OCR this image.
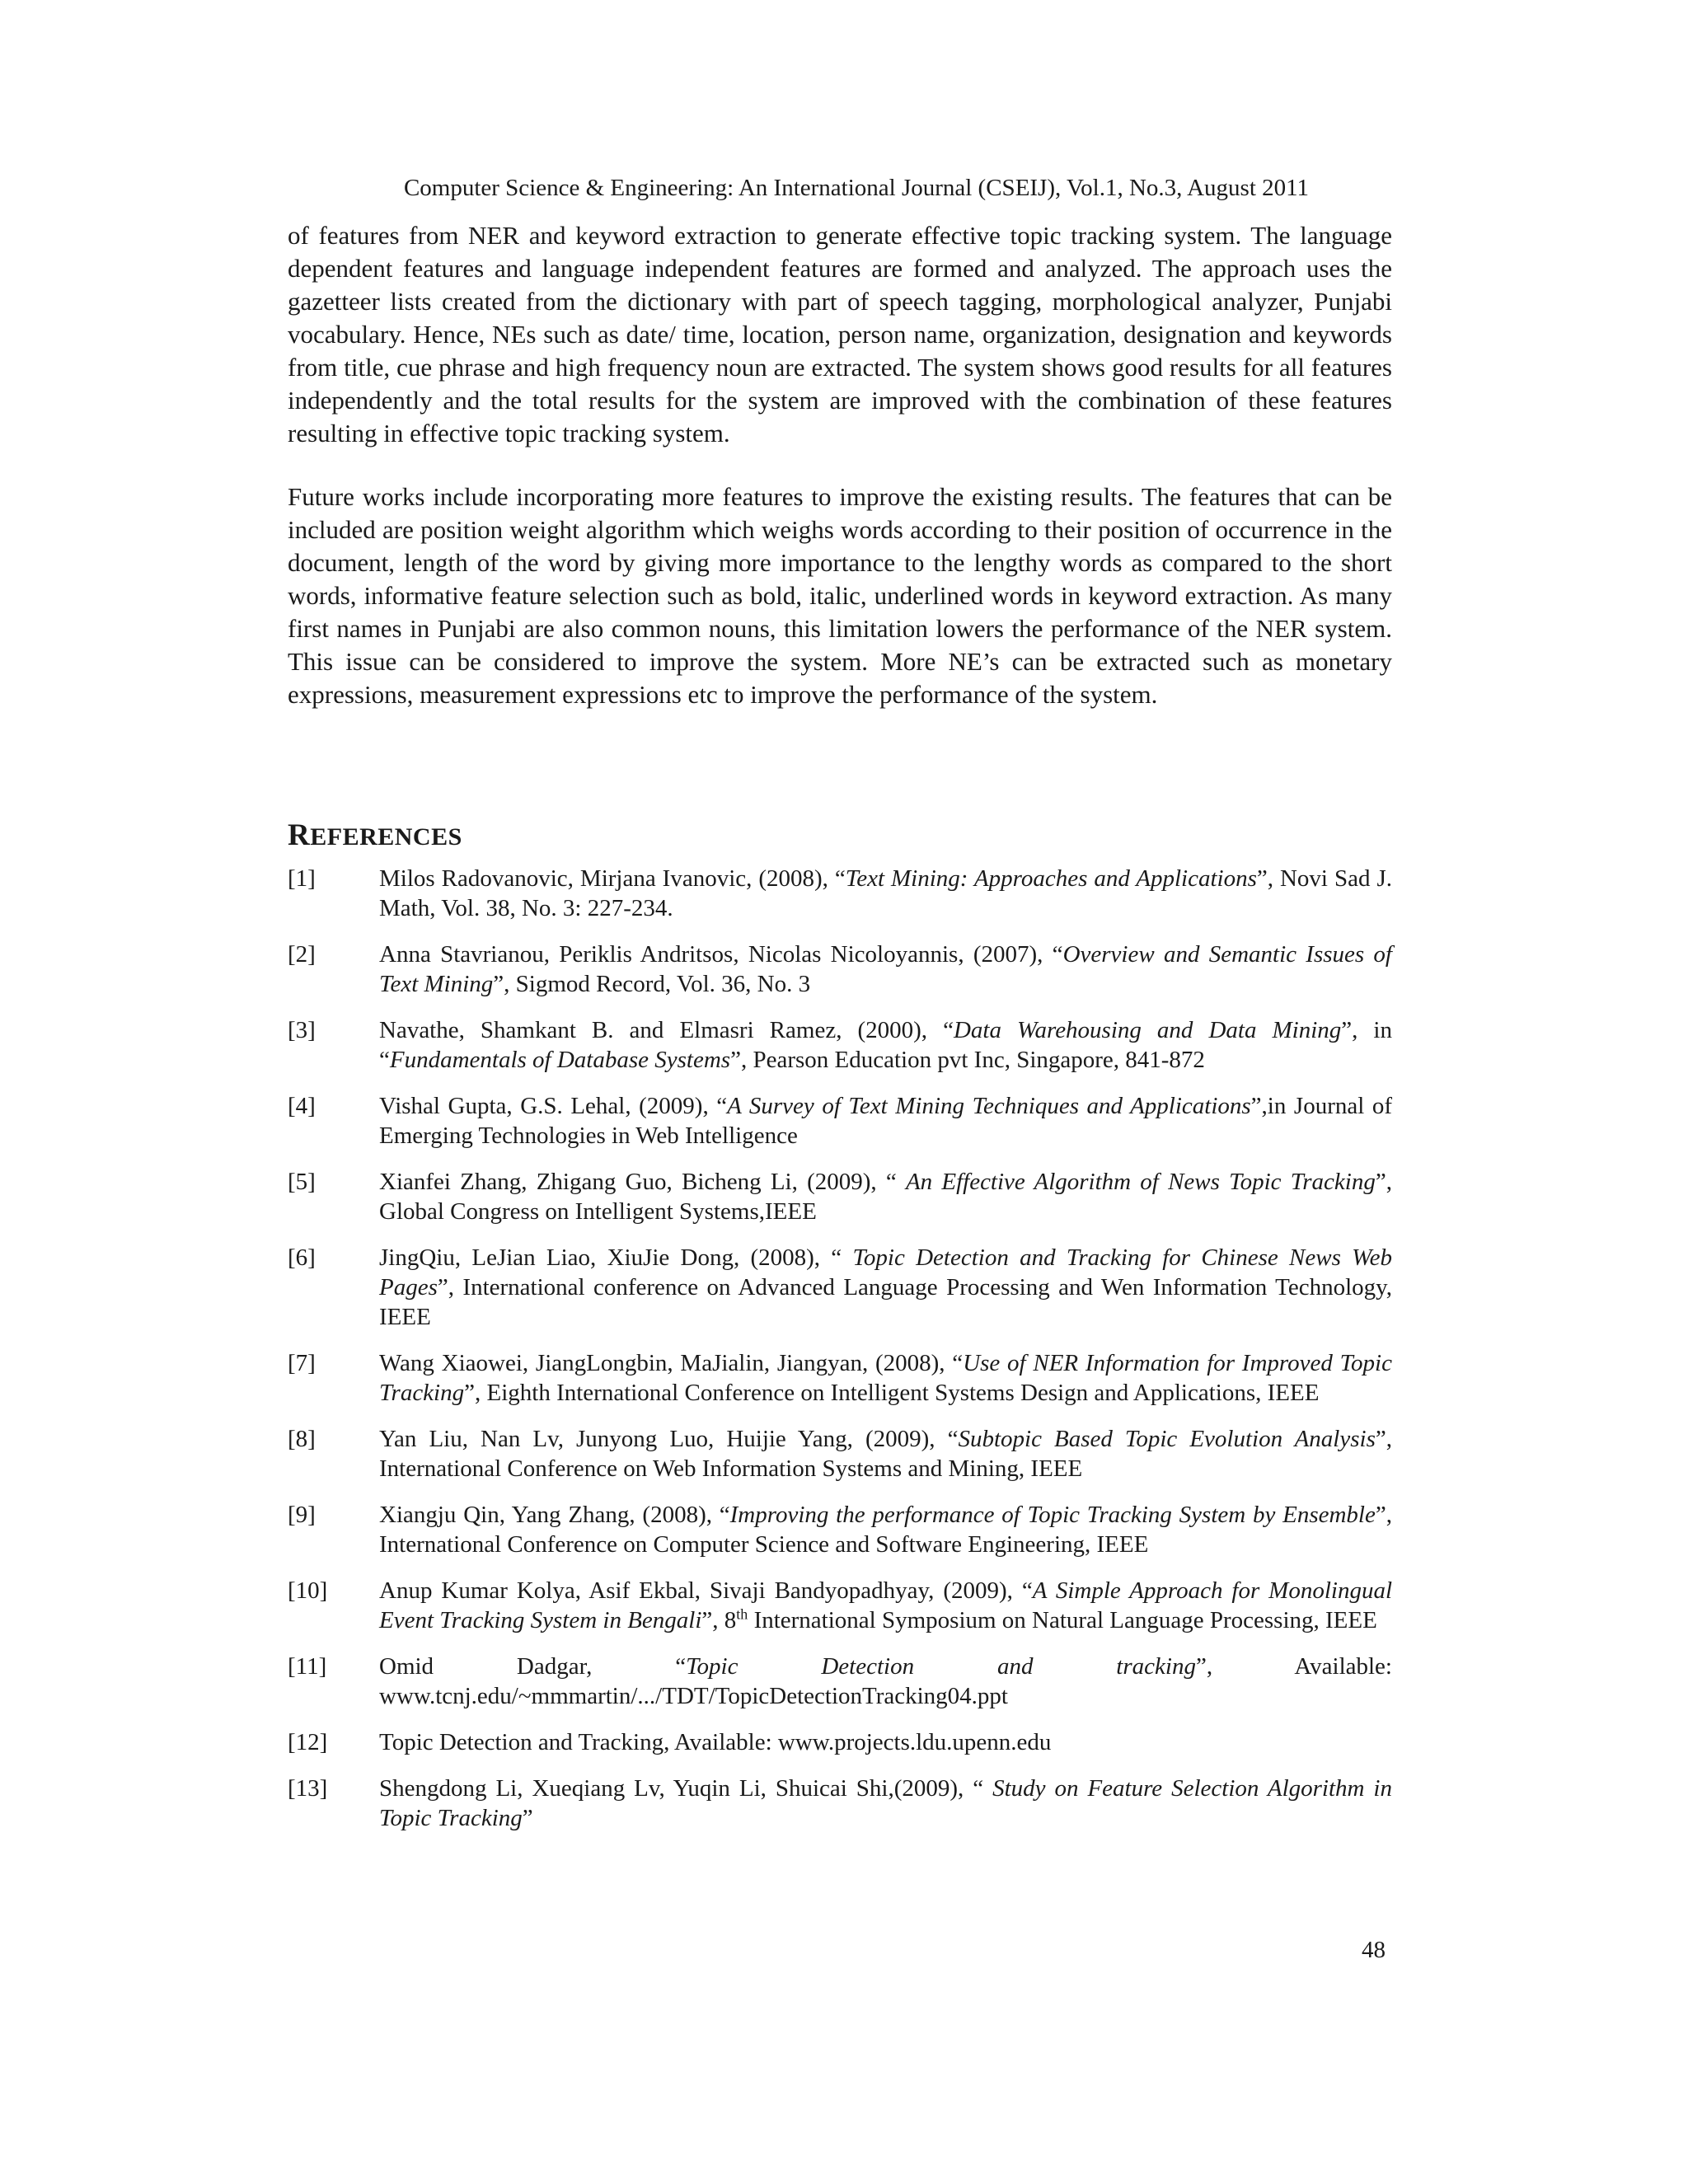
Computer Science & Engineering: An International Journal (CSEIJ), Vol.1, No.3, August 2011

of features from NER and keyword extraction to generate effective topic tracking system. The language dependent features and language independent features are formed and analyzed. The approach uses the gazetteer lists created from the dictionary with part of speech tagging, morphological analyzer, Punjabi vocabulary. Hence, NEs such as date/ time, location, person name, organization, designation and keywords from title, cue phrase and high frequency noun are extracted. The system shows good results for all features independently and the total results for the system are improved with the combination of these features resulting in effective topic tracking system.

Future works include incorporating more features to improve the existing results. The features that can be included are position weight algorithm which weighs words according to their position of occurrence in the document, length of the word by giving more importance to the lengthy words as compared to the short words, informative feature selection such as bold, italic, underlined words in keyword extraction. As many first names in Punjabi are also common nouns, this limitation lowers the performance of the NER system. This issue can be considered to improve the system. More NE’s can be extracted such as monetary expressions, measurement expressions etc to improve the performance of the system.

REFERENCES
[1]	Milos Radovanovic, Mirjana Ivanovic, (2008), “Text Mining: Approaches and Applications”, Novi Sad J. Math, Vol. 38, No. 3: 227-234.
[2]	Anna Stavrianou, Periklis Andritsos, Nicolas Nicoloyannis, (2007), “Overview and Semantic Issues of Text Mining”, Sigmod Record, Vol. 36, No. 3
[3]	Navathe, Shamkant B. and Elmasri Ramez, (2000), “Data Warehousing and Data Mining”, in “Fundamentals of Database Systems”, Pearson Education pvt Inc, Singapore, 841-872
[4]	Vishal Gupta, G.S. Lehal, (2009), “A Survey of Text Mining Techniques and Applications”,in Journal of Emerging Technologies in Web Intelligence
[5]	Xianfei Zhang, Zhigang Guo, Bicheng Li, (2009), “ An Effective Algorithm of News Topic Tracking”, Global Congress on Intelligent Systems,IEEE
[6]	JingQiu, LeJian Liao, XiuJie Dong, (2008), “ Topic Detection and Tracking for Chinese News Web Pages”, International conference on Advanced Language Processing and Wen Information Technology, IEEE
[7]	Wang Xiaowei, JiangLongbin, MaJialin, Jiangyan, (2008), “Use of NER Information for Improved Topic Tracking”, Eighth International Conference on Intelligent Systems Design and Applications, IEEE
[8]	Yan Liu, Nan Lv, Junyong Luo, Huijie Yang, (2009), “Subtopic Based Topic Evolution Analysis”, International Conference on Web Information Systems and Mining, IEEE
[9]	Xiangju Qin, Yang Zhang, (2008), “Improving the performance of Topic Tracking System by Ensemble”, International Conference on Computer Science and Software Engineering, IEEE
[10] Anup Kumar Kolya, Asif Ekbal, Sivaji Bandyopadhyay, (2009), “A Simple Approach for Monolingual Event Tracking System in Bengali”, 8th International Symposium on Natural Language Processing, IEEE
[11] Omid Dadgar, “Topic Detection and tracking”, Available:
www.tcnj.edu/~mmmartin/.../TDT/TopicDetectionTracking04.ppt
[12] Topic Detection and Tracking, Available: www.projects.ldu.upenn.edu
[13] Shengdong Li, Xueqiang Lv, Yuqin Li, Shuicai Shi,(2009), “ Study on Feature Selection Algorithm in Topic Tracking”
48
